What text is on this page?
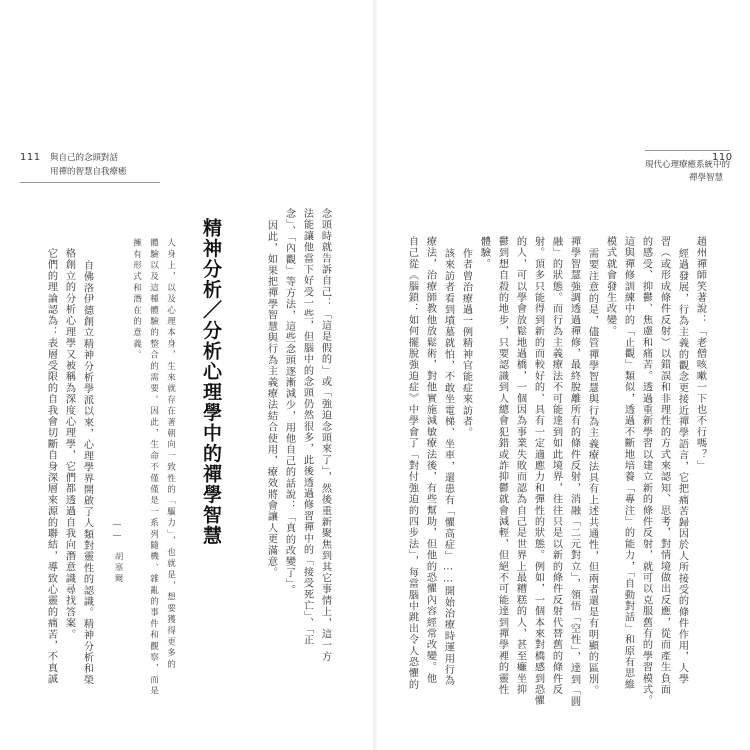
111 與自己的念頭對話
用禪的智慧自我療癒
念頭時就告訴自己：「這是假的」或「強迫念頭來了」，然後重新聚焦到其它事情上，這一方
法能讓他當下好受一些，但腦中的念頭仍然很多，此後透過修習禪中的「接受死亡」、「正
念」、「內觀」等方法，這些念頭逐漸減少，用他自己的話說：「真的改變了」。
因此，如果把禪學智慧與行為主義療法結合使用，療效將會讓人更滿意。
精神分析／分析心理學中的禪學智慧
人身上，以及心理本身，生來就存在著朝向一致性的「驅力」，也就是，想要獲得更多的
體驗以及這種體驗的整合的需要。因此，生命不僅僅是一系列隨機、雜亂的事件和觀察，而是
擁有形式和潛在的意義。
——
胡塞爾
自佛洛伊德創立精神分析學派以來，心理學界開啟了人類對靈性的認識。精神分析和榮
格創立的分析心理學又被稱為深度心理學，它們都透過自我向潛意識尋找答案。
它們的理論認為：表層受限的自我會切斷自身深層來源的聯結，導致心靈的痛苦，不真誠
現代心理療癒系統中的
禪學智慧
110
趙州禪師笑著說：「老僧咳嗽一下也不行嗎？」
經過發展，行為主義的觀念更接近禪學語言，它把痛苦歸因於人所接受的條件作用，人學
習（或形成條件反射）以錯誤和非理性的方式來認知、思考，對情境做出反應，從而產生負面
的感受、抑鬱、焦慮和痛苦。透過重新學習以建立新的條件反射，就可以克服舊有的學習模式。
這與禪修訓練中的「止觀」類似，透過不斷地培養「專注」的能力，「自動對話」和原有思維
模式就會發生改變。
需要注意的是，儘管禪學智慧與行為主義療法具有上述共通性，但兩者還是有明顯的區別。
禪學智慧強調透過禪修，最終脫離所有的條件反射，消融「二元對立」，領悟「空性」，達到「圓
融」的狀態。而行為主義療法不可能達到如此境界，往往只是以新的條件反射代替舊的條件反
射。頂多只能得到新的而較好的、具有一定適應力和彈性的狀態。例如，一個本來對橋感到恐懼
的人，可以學會放鬆地過橋，一個因為事業失敗而認為自己是世界上最糟糕的人，甚至癱坐抑
鬱到想自殺的地步，只要認識到人總會犯錯或詐抑鬱就會減輕，但絕不可能達到禪學裡的靈性
體驗。
作者曾治療過一例精神官能症來訪者。
該來訪者看到墳墓就怕，不敢坐電梯、坐車，還患有「懼高症」……開始治療時運用行為
療法，治療師教他放鬆術，對他實施減敏療法後，有些幫助，但他的恐懼內容經常改變。他
自己從《腦鎖：如何擺脫強迫症》中學會了「對付強迫的四步法」，每當腦中跳出令人恐懼的
